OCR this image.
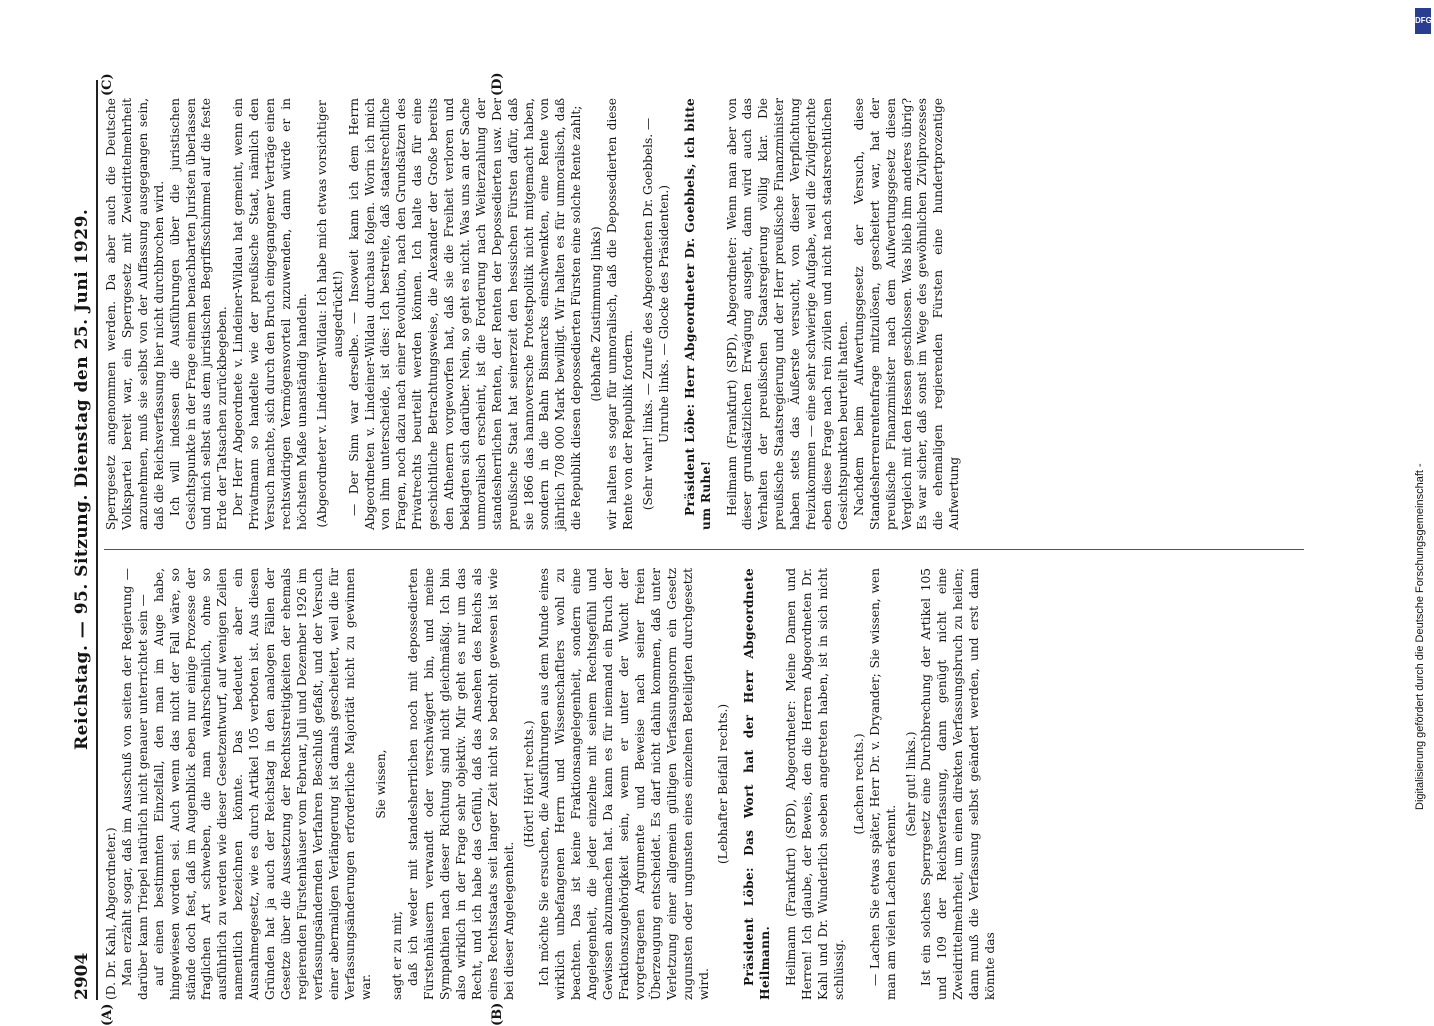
2904
Reichstag. — 95. Sitzung. Dienstag den 25. Juni 1929.
(A)	(B)
(C)	(D)

(D. Dr. Kahl, Abgeordneter.) Man erzählt sogar, daß im Ausschuß von seiten der Regierung — darüber kann Triepel natürlich nicht genauer unterrichtet sein — auf einen bestimmten Einzelfall, den man im Auge habe, hingewiesen worden sei. Auch wenn das nicht der Fall wäre, so stände doch fest, daß im Augenblick eben nur einige Prozesse der fraglichen Art schweben, die man wahrscheinlich, ohne so ausführlich zu werden wie dieser Gesetzentwurf, auf wenigen Zeilen namentlich bezeichnen könnte. Das bedeutet aber ein Ausnahmegesetz, wie es durch Artikel 105 verboten ist. Aus diesen Gründen hat ja auch der Reichstag in den analogen Fällen der Gesetze über die Aussetzung der Rechtsstreitigkeiten der ehemals regierenden Fürstenhäuser vom Februar, Juli und Dezember 1926 im verfassungsändernden Verfahren Beschluß gefaßt, und der Versuch einer abermaligen Verlängerung ist damals gescheitert, weil die für Verfassungsänderungen erforderliche Majorität nicht zu gewinnen war.

Sie wissen,

sagt er zu mir, daß ich weder mit standesherrlichen noch mit depossedierten Fürstenhäusern verwandt oder verschwägert bin, und meine Sympathien nach dieser Richtung sind nicht gleichmäßig. Ich bin also wirklich in der Frage sehr objektiv. Mir geht es nur um das Recht, und ich habe das Gefühl, daß das Ansehen des Reichs als eines Rechtsstaats seit langer Zeit nicht so bedroht gewesen ist wie bei dieser Angelegenheit.

(Hört! Hört! rechts.) Ich möchte Sie ersuchen, die Ausführungen aus dem Munde eines wirklich unbefangenen Herrn und Wissenschaftlers wohl zu beachten. Das ist keine Fraktionsangelegenheit, sondern eine Angelegenheit, die jeder einzelne mit seinem Rechtsgefühl und Gewissen abzumachen hat. Da kann es für niemand ein Bruch der Fraktionszugehörigkeit sein, wenn er unter der Wucht der vorgetragenen Argumente und Beweise nach seiner freien Überzeugung entscheidet. Es darf nicht dahin kommen, daß unter Verletzung einer allgemein gültigen Verfassungsnorm ein Gesetz zugunsten oder ungunsten eines einzelnen Beteiligten durchgesetzt wird.

(Lebhafter Beifall rechts.) Präsident Löbe: Das Wort hat der Herr Abgeordnete Heilmann. Heilmann (Frankfurt) (SPD), Abgeordneter: Meine Damen und Herren! Ich glaube, der Beweis, den die Herren Abgeordneten Dr. Kahl und Dr. Wunderlich soeben angetreten haben, ist in sich nicht schlüssig.

(Lachen rechts.) — Lachen Sie etwas später, Herr Dr. v. Dryander; Sie wissen, wen man am vielen Lachen erkennt.

(Sehr gut! links.) Ist ein solches Sperrgesetz eine Durchbrechung der Artikel 105 und 109 der Reichsverfassung, dann genügt nicht eine Zweidrittelmehrheit, um einen direkten Verfassungsbruch zu heilen; dann muß die Verfassung selbst geändert werden, und erst dann könnte das

Sperrgesetz angenommen werden. Da aber auch die Deutsche Volkspartei bereit war, ein Sperrgesetz mit Zweidrittelmehrheit anzunehmen, muß sie selbst von der Auffassung ausgegangen sein, daß die Reichsverfassung hier nicht durchbrochen wird. Ich will indessen die Ausführungen über die juristischen Gesichtspunkte in der Frage einem benachbarten Juristen überlassen und mich selbst aus dem juristischen Begriffsschimmel auf die feste Erde der Tatsachen zurückbegeben. Der Herr Abgeordnete v. Lindeiner-Wildau hat gemeint, wenn ein Privatmann so handelte wie der preußische Staat, nämlich den Versuch machte, sich durch den Bruch eingegangener Verträge einen rechtswidrigen Vermögensvorteil zuzuwenden, dann würde er in höchstem Maße unanständig handeln. (Abgeordneter v. Lindeiner-Wildau: Ich habe mich etwas vorsichtiger ausgedrückt!) — Der Sinn war derselbe. — Insoweit kann ich dem Herrn Abgeordneten v. Lindeiner-Wildau durchaus folgen. Worin ich mich von ihm unterscheide, ist dies: Ich bestreite, daß staatsrechtliche Fragen, noch dazu nach einer Revolution, nach den Grundsätzen des Privatrechts beurteilt werden können. Ich halte das für eine geschichtliche Betrachtungsweise, die Alexander der Große bereits den Athenern vorgeworfen hat, daß sie die Freiheit verloren und beklagten sich darüber. Nein, so geht es nicht. Was uns an der Sache unmoralisch erscheint, ist die Forderung nach Weiterzahlung der standesherrlichen Renten, der Renten der Depossedierten usw. Der preußische Staat hat seinerzeit den hessischen Fürsten dafür, daß sie 1866 das hannoversche Protestpolitik nicht mitgemacht haben, sondern in die Bahn Bismarcks einschwenkten, eine Rente von jährlich 708 000 Mark bewilligt. Wir halten es für unmoralisch, daß die Republik diesen depossedierten Fürsten eine solche Rente zahlt; (lebhafte Zustimmung links) wir halten es sogar für unmoralisch, daß die Depossedierten diese Rente von der Republik fordern. (Sehr wahr! links. — Zurufe des Abgeordneten Dr. Goebbels. — Unruhe links. — Glocke des Präsidenten.) Präsident Löbe: Herr Abgeordneter Dr. Goebbels, ich bitte um Ruhe! Heilmann (Frankfurt) (SPD), Abgeordneter: Wenn man aber von dieser grundsätzlichen Erwägung ausgeht, dann wird auch das Verhalten der preußischen Staatsregierung völlig klar. Die preußische Staatsregierung und der Herr preußische Finanzminister haben stets das Äußerste versucht, von dieser Verpflichtung freizukommen — eine sehr schwierige Aufgabe, weil die Zivilgerichte eben diese Frage nach rein zivilen und nicht nach staatsrechtlichen Gesichtspunkten beurteilt hatten. Nachdem beim Aufwertungsgesetz der Versuch, diese Standesherrenrentenfrage mitzulösen, gescheitert war, hat der preußische Finanzminister nach dem Aufwertungsgesetz diesen Vergleich mit den Hessen geschlossen. Was blieb ihm anderes übrig? Es war sicher, daß sonst im Wege des gewöhnlichen Zivilprozesses die ehemaligen regierenden Fürsten eine hundertprozentige Aufwertung

DFG
Digitalisierung gefördert durch die Deutsche Forschungsgemeinschaft -
